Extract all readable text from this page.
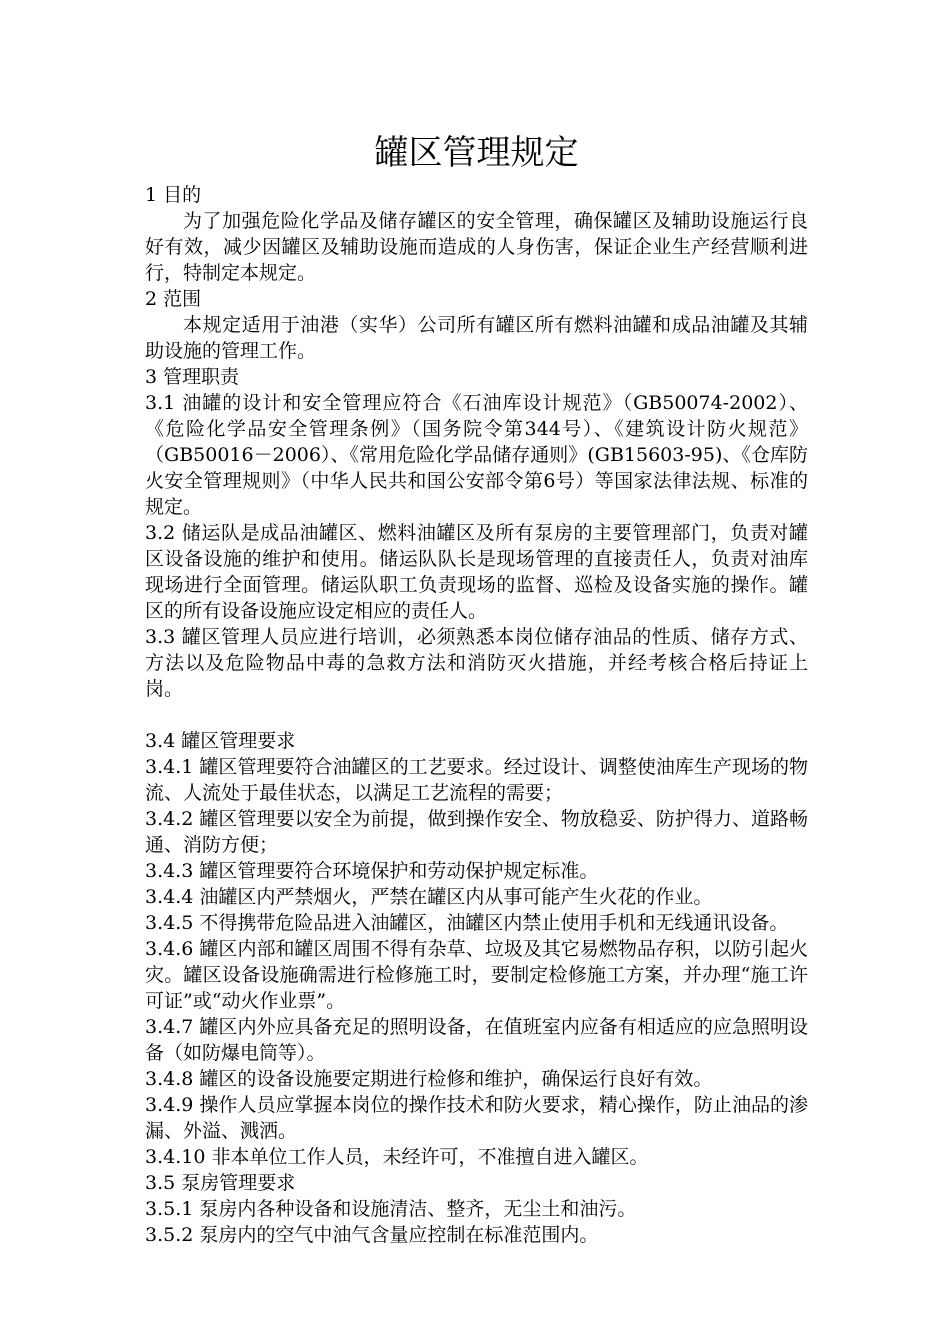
罐区管理规定

1 目的

为了加强危险化学品及储存罐区的安全管理，确保罐区及辅助设施运行良好有效，减少因罐区及辅助设施而造成的人身伤害，保证企业生产经营顺利进行，特制定本规定。

2 范围

本规定适用于油港（实华）公司所有罐区所有燃料油罐和成品油罐及其辅助设施的管理工作。

3 管理职责

3.1 油罐的设计和安全管理应符合《石油库设计规范》（GB50074-2002）、《危险化学品安全管理条例》（国务院令第344号）、《建筑设计防火规范》（GB50016－2006）、《常用危险化学品储存通则》(GB15603-95)、《仓库防火安全管理规则》（中华人民共和国公安部令第6号）等国家法律法规、标准的规定。

3.2 储运队是成品油罐区、燃料油罐区及所有泵房的主要管理部门，负责对罐区设备设施的维护和使用。储运队队长是现场管理的直接责任人，负责对油库现场进行全面管理。储运队职工负责现场的监督、巡检及设备实施的操作。罐区的所有设备设施应设定相应的责任人。

3.3 罐区管理人员应进行培训，必须熟悉本岗位储存油品的性质、储存方式、方法以及危险物品中毒的急救方法和消防灭火措施，并经考核合格后持证上岗。

3.4 罐区管理要求

3.4.1 罐区管理要符合油罐区的工艺要求。经过设计、调整使油库生产现场的物流、人流处于最佳状态，以满足工艺流程的需要；

3.4.2 罐区管理要以安全为前提，做到操作安全、物放稳妥、防护得力、道路畅通、消防方便；

3.4.3 罐区管理要符合环境保护和劳动保护规定标准。

3.4.4 油罐区内严禁烟火，严禁在罐区内从事可能产生火花的作业。

3.4.5 不得携带危险品进入油罐区，油罐区内禁止使用手机和无线通讯设备。

3.4.6 罐区内部和罐区周围不得有杂草、垃圾及其它易燃物品存积，以防引起火灾。罐区设备设施确需进行检修施工时，要制定检修施工方案，并办理“施工许可证”或“动火作业票”。

3.4.7 罐区内外应具备充足的照明设备，在值班室内应备有相适应的应急照明设备（如防爆电筒等）。

3.4.8 罐区的设备设施要定期进行检修和维护，确保运行良好有效。

3.4.9 操作人员应掌握本岗位的操作技术和防火要求，精心操作，防止油品的渗漏、外溢、溅洒。

3.4.10 非本单位工作人员，未经许可，不准擅自进入罐区。

3.5 泵房管理要求

3.5.1 泵房内各种设备和设施清洁、整齐，无尘土和油污。

3.5.2 泵房内的空气中油气含量应控制在标准范围内。
